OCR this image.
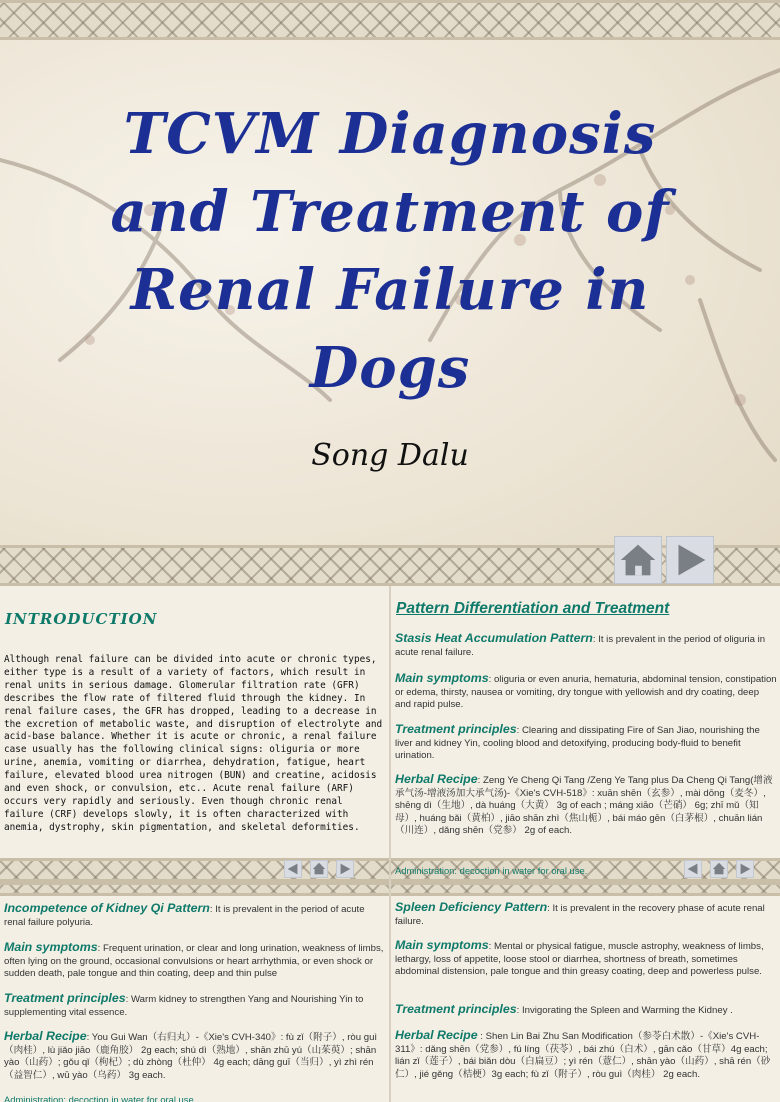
TCVM Diagnosis and Treatment of Renal Failure in Dogs
Song Dalu
INTRODUCTION
Although renal failure can be divided into acute or chronic types, either type is a result of a variety of factors, which result in renal units in serious damage. Glomerular filtration rate (GFR) describes the flow rate of filtered fluid through the kidney. In renal failure cases, the GFR has dropped, leading to a decrease in the excretion of metabolic waste, and disruption of electrolyte and acid-base balance. Whether it is acute or chronic, a renal failure case usually has the following clinical signs: oliguria or more urine, anemia, vomiting or diarrhea, dehydration, fatigue, heart failure, elevated blood urea nitrogen (BUN) and creatine, acidosis and even shock, or convulsion, etc.. Acute renal failure (ARF) occurs very rapidly and seriously. Even though chronic renal failure (CRF) develops slowly, it is often characterized with anemia, dystrophy, skin pigmentation, and skeletal deformities.
Pattern Differentiation and Treatment
Stasis Heat Accumulation Pattern: It is prevalent in the period of oliguria in acute renal failure.
Main symptoms: oliguria or even anuria, hematuria, abdominal tension, constipation or edema, thirsty, nausea or vomiting, dry tongue with yellowish and dry coating, deep and rapid pulse.
Treatment principles: Clearing and dissipating Fire of San Jiao, nourishing the liver and kidney Yin, cooling blood and detoxifying, producing body-fluid to benefit urination.
Herbal Recipe: Zeng Ye Cheng Qi Tang /Zeng Ye Tang plus Da Cheng Qi Tang(增液承气汤-增液汤加大承气汤)-《Xie's CVH-518》: xuān shēn（玄参）, mài dōng（麦冬）, shēng dì（生地）, dà huáng（大黄） 3g of each ; máng xiāo（芒硝） 6g; zhī mǔ（知母）, huáng bǎi（黄柏）, jiāo shān zhì（焦山栀）, bái máo gēn（白茅根）, chuān lián（川连）, dǎng shēn（党参） 2g of each.
Administration: decoction in water for oral use.
Incompetence of Kidney Qi Pattern: It is prevalent in the period of acute renal failure polyuria.
Main symptoms: Frequent urination, or clear and long urination, weakness of limbs, often lying on the ground, occasional convulsions or heart arrhythmia, or even shock or sudden death, pale tongue and thin coating, deep and thin pulse
Treatment principles: Warm kidney to strengthen Yang and Nourishing Yin to supplementing vital essence.
Herbal Recipe: You Gui Wan（右归丸）-《Xie's CVH-340》: fù zǐ（附子）, ròu guì（肉桂）, lù jiǎo jiāo（鹿角胶） 2g each; shú dì（熟地）, shān zhū yú（山茱萸）; shān yào（山药）; gǒu qǐ（枸杞）; dù zhòng（杜仲） 4g each; dāng guī（当归）, yì zhì rén（益智仁）, wū yào（乌药） 3g each.
Administration: decoction in water for oral use.
Spleen Deficiency Pattern: It is prevalent in the recovery phase of acute renal failure.
Main symptoms: Mental or physical fatigue, muscle astrophy, weakness of limbs, lethargy, loss of appetite, loose stool or diarrhea, shortness of breath, sometimes abdominal distension, pale tongue and thin greasy coating, deep and powerless pulse.
Treatment principles: Invigorating the Spleen and Warming the Kidney .
Herbal Recipe : Shen Lin Bai Zhu San Modification（参苓白术散）-《Xie's CVH-311》: dǎng shēn（党参）, fú líng（茯苓）, bái zhú（白术）, gān cǎo（甘草）4g each; lián zǐ（莲子）, bái biǎn dòu（白扁豆）; yì rén（薏仁）, shān yào（山药）, shā rén（砂仁）, jié gěng（桔梗）3g each; fù zǐ（附子）, ròu guì（肉桂） 2g each.
